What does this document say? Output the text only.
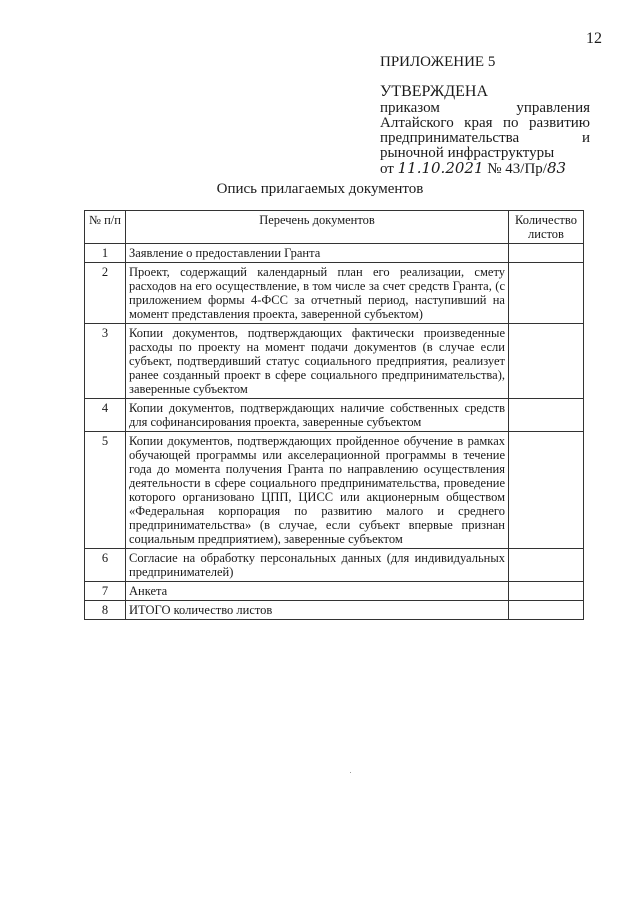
12
ПРИЛОЖЕНИЕ 5
УТВЕРЖДЕНА
приказом управления Алтайского края по развитию предпринимательства и рыночной инфраструктуры
от 11.10.2021 № 43/Пр/83
Опись прилагаемых документов
№ п/п	Перечень документов	Количество листов
1	Заявление о предоставлении Гранта	
2	Проект, содержащий календарный план его реализации, смету расходов на его осуществление, в том числе за счет средств Гранта, (с приложением формы 4-ФСС за отчетный период, наступивший на момент представления проекта, заверенной субъектом)	
3	Копии документов, подтверждающих фактически произведенные расходы по проекту на момент подачи документов (в случае если субъект, подтвердивший статус социального предприятия, реализует ранее созданный проект в сфере социального предпринимательства), заверенные субъектом	
4	Копии документов, подтверждающих наличие собственных средств для софинансирования проекта, заверенные субъектом	
5	Копии документов, подтверждающих пройденное обучение в рамках обучающей программы или акселерационной программы в течение года до момента получения Гранта по направлению осуществления деятельности в сфере социального предпринимательства, проведение которого организовано ЦПП, ЦИСС или акционерным обществом «Федеральная корпорация по развитию малого и среднего предпринимательства» (в случае, если субъект впервые признан социальным предприятием), заверенные субъектом	
6	Согласие на обработку персональных данных (для индивидуальных предпринимателей)	
7	Анкета	
8	ИТОГО количество листов	
